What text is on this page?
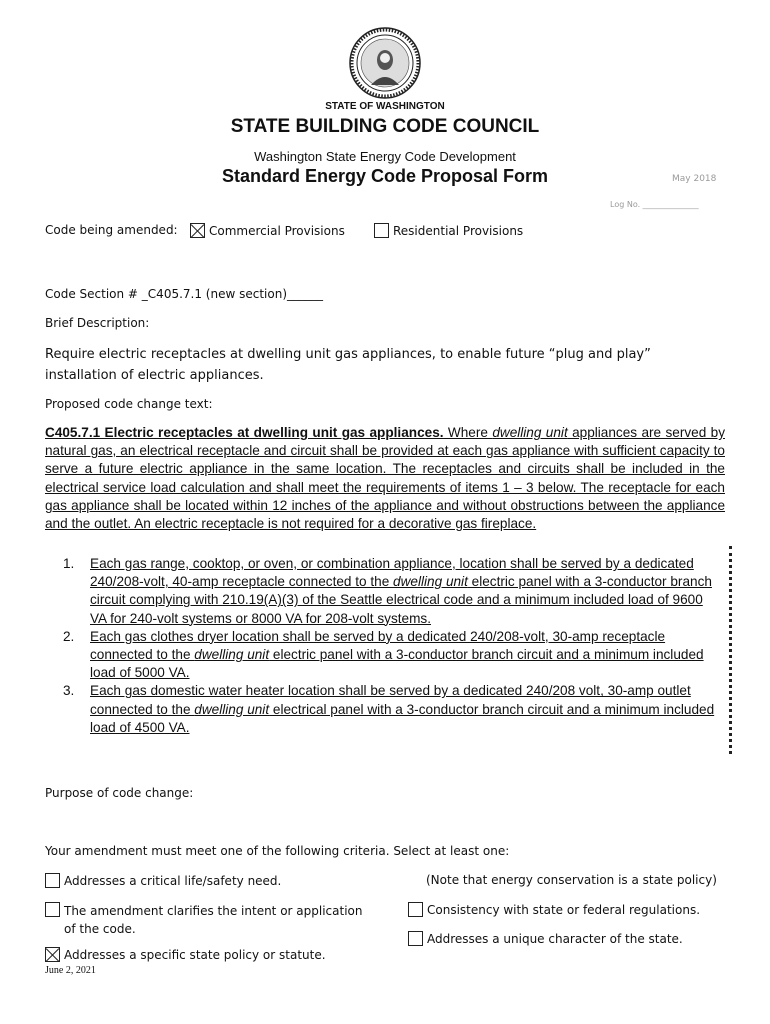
STATE OF WASHINGTON
STATE BUILDING CODE COUNCIL
Washington State Energy Code Development
Standard Energy Code Proposal Form	May 2018
Log No. ______________
Code being amended:	Commercial Provisions	Residential Provisions
Code Section # _C405.7.1 (new section)______
Brief Description:
Require electric receptacles at dwelling unit gas appliances, to enable future “plug and play” installation of electric appliances.
Proposed code change text:
C405.7.1 Electric receptacles at dwelling unit gas appliances. Where dwelling unit appliances are served by natural gas, an electrical receptacle and circuit shall be provided at each gas appliance with sufficient capacity to serve a future electric appliance in the same location. The receptacles and circuits shall be included in the electrical service load calculation and shall meet the requirements of items 1 – 3 below. The receptacle for each gas appliance shall be located within 12 inches of the appliance and without obstructions between the appliance and the outlet. An electric receptacle is not required for a decorative gas fireplace.
1.	Each gas range, cooktop, or oven, or combination appliance, location shall be served by a dedicated 240/208-volt, 40-amp receptacle connected to the dwelling unit electric panel with a 3-conductor branch circuit complying with 210.19(A)(3) of the Seattle electrical code and a minimum included load of 9600 VA for 240-volt systems or 8000 VA for 208-volt systems.
2.	Each gas clothes dryer location shall be served by a dedicated 240/208-volt, 30-amp receptacle connected to the dwelling unit electric panel with a 3-conductor branch circuit and a minimum included load of 5000 VA.
3.	Each gas domestic water heater location shall be served by a dedicated 240/208 volt, 30-amp outlet connected to the dwelling unit electrical panel with a 3-conductor branch circuit and a minimum included load of 4500 VA.
Purpose of code change:
Your amendment must meet one of the following criteria. Select at least one:
Addresses a critical life/safety need.	(Note that energy conservation is a state policy)
The amendment clarifies the intent or application of the code.
Consistency with state or federal regulations.
Addresses a unique character of the state.
Addresses a specific state policy or statute.
June 2, 2021
